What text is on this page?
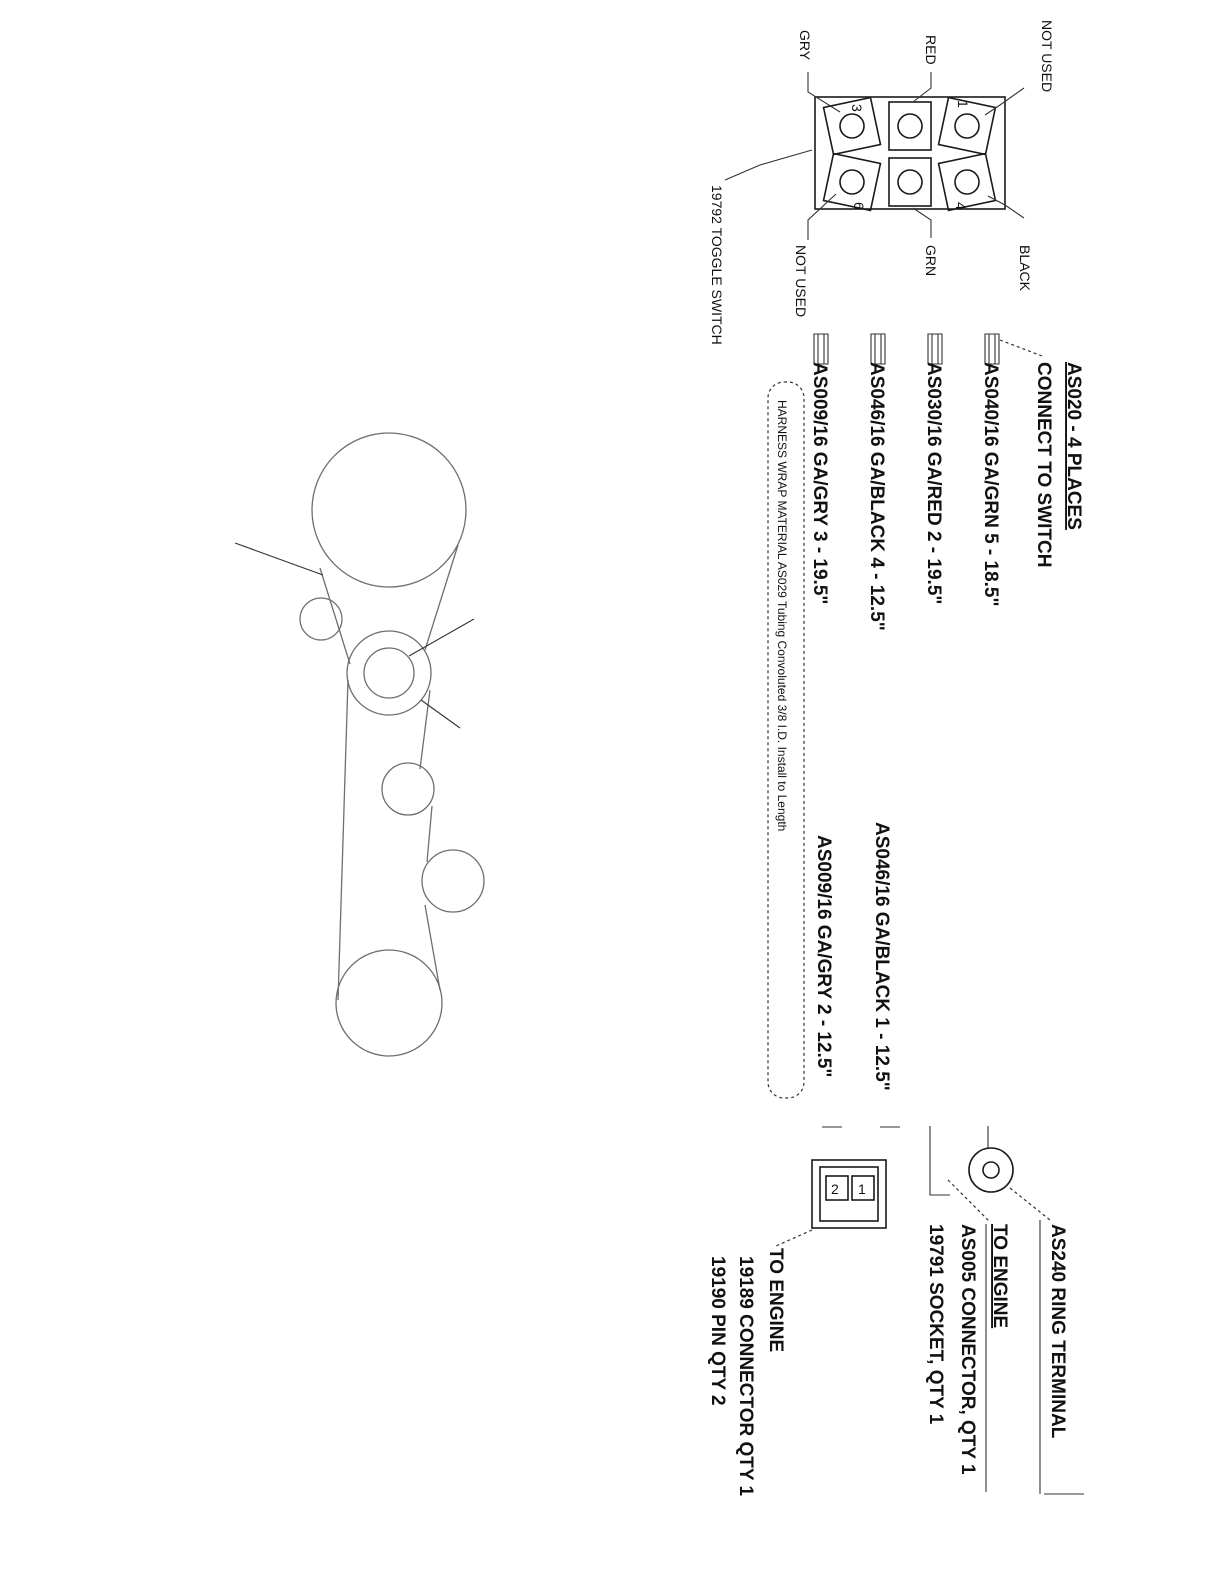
3
1
6	4
GRY	RED	NOT USED
NOT USED	GRN	BLACK
19792 TOGGLE SWITCH
AS020 - 4 PLACES
CONNECT TO SWITCH
AS040/16 GA/GRN 5 - 18.5"
AS030/16 GA/RED 2 - 19.5"
AS046/16 GA/BLACK 4 - 12.5"
AS009/16 GA/GRY 3 - 19.5"
HARNESS WRAP MATERIAL AS029 Tubing Convoluted 3/8 I.D. Install to Length
AS046/16 GA/BLACK 1 - 12.5"
AS009/16 GA/GRY 2 - 12.5"
AS240 RING TERMINAL
TO ENGINE
AS005 CONNECTOR, QTY 1
19791 SOCKET, QTY 1
2 1
TO ENGINE
19189 CONNECTOR QTY 1
19190 PIN QTY 2
